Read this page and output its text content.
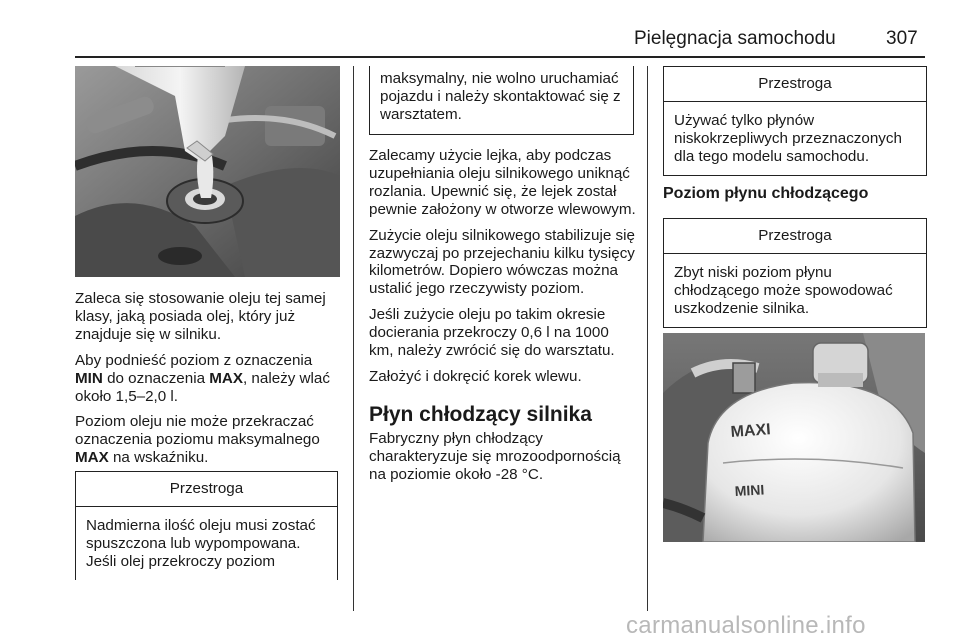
Pielęgnacja samochodu	307

Zaleca się stosowanie oleju tej samej klasy, jaką posiada olej, który już znajduje się w silniku.

Aby podnieść poziom z oznaczenia MIN do oznaczenia MAX, należy wlać około 1,5–2,0 l.

Poziom oleju nie może przekraczać oznaczenia poziomu maksymalnego MAX na wskaźniku.

Przestroga
Nadmierna ilość oleju musi zostać spuszczona lub wypompowana. Jeśli olej przekroczy poziom
maksymalny, nie wolno uruchamiać pojazdu i należy skontaktować się z warsztatem.

Zalecamy użycie lejka, aby podczas uzupełniania oleju silnikowego uniknąć rozlania. Upewnić się, że lejek został pewnie założony w otworze wlewowym.

Zużycie oleju silnikowego stabilizuje się zazwyczaj po przejechaniu kilku tysięcy kilometrów. Dopiero wówczas można ustalić jego rzeczywisty poziom.

Jeśli zużycie oleju po takim okresie docierania przekroczy 0,6 l na 1000 km, należy zwrócić się do warsztatu.

Założyć i dokręcić korek wlewu.

Płyn chłodzący silnika

Fabryczny płyn chłodzący charakteryzuje się mrozoodpornością na poziomie około -28 °C.

Przestroga
Używać tylko płynów niskokrzepliwych przeznaczonych dla tego modelu samochodu.
Poziom płynu chłodzącego
Przestroga
Zbyt niski poziom płynu chłodzącego może spowodować uszkodzenie silnika.
MAXI
MINI
carmanualsonline.info
